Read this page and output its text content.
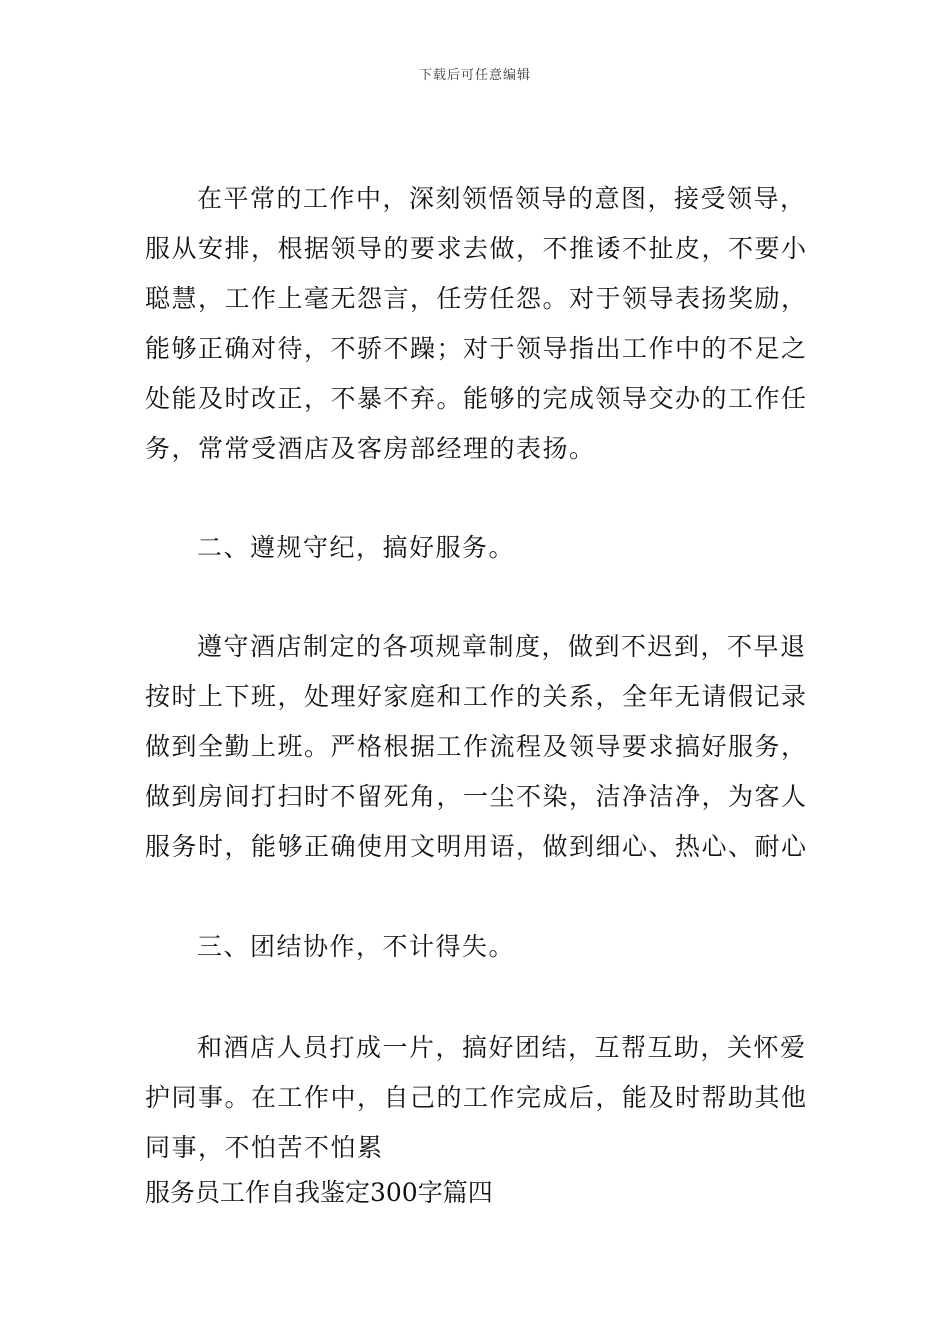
下载后可任意编辑
在平常的工作中，深刻领悟领导的意图，接受领导，
服从安排，根据领导的要求去做，不推诿不扯皮，不要小
聪慧，工作上毫无怨言，任劳任怨。对于领导表扬奖励，
能够正确对待，不骄不躁；对于领导指出工作中的不足之
处能及时改正，不暴不弃。能够的完成领导交办的工作任
务，常常受酒店及客房部经理的表扬。
二、遵规守纪，搞好服务。
遵守酒店制定的各项规章制度，做到不迟到，不早退
按时上下班，处理好家庭和工作的关系，全年无请假记录
做到全勤上班。严格根据工作流程及领导要求搞好服务，
做到房间打扫时不留死角，一尘不染，洁净洁净，为客人
服务时，能够正确使用文明用语，做到细心、热心、耐心
三、团结协作，不计得失。
和酒店人员打成一片，搞好团结，互帮互助，关怀爱
护同事。在工作中，自己的工作完成后，能及时帮助其他
同事，不怕苦不怕累
服务员工作自我鉴定300字篇四
